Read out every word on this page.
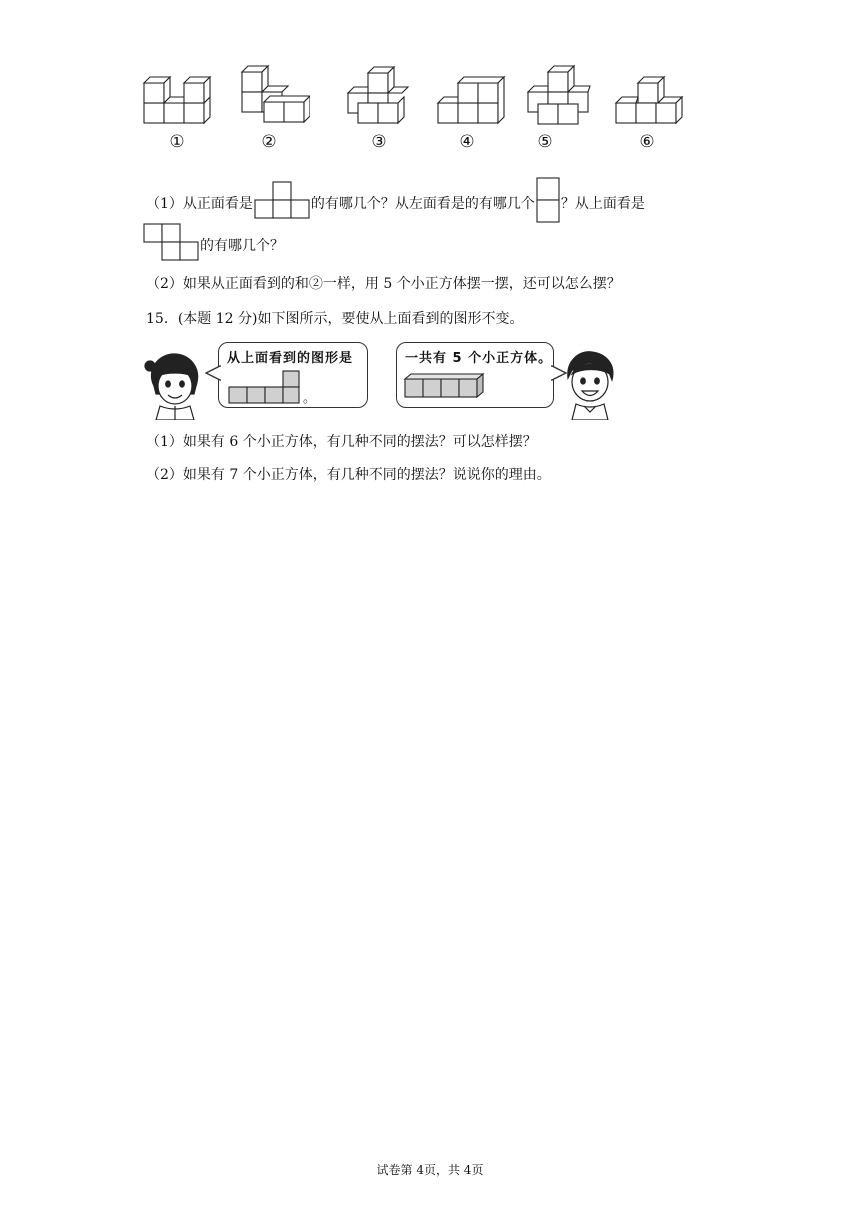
①	②	③	④	⑤	⑥
（1）从正面看是	的有哪几个？从左面看是的有哪几个 ？从上面看是
的有哪几个？
（2）如果从正面看到的和②一样，用 5 个小正方体摆一摆，还可以怎么摆？
15．(本题 12 分)如下图所示，要使从上面看到的图形不变。
从上面看到的图形是
。
一共有 5 个小正方体。
（1）如果有 6 个小正方体，有几种不同的摆法？可以怎样摆？
（2）如果有 7 个小正方体，有几种不同的摆法？说说你的理由。
试卷第 4页，共 4页
